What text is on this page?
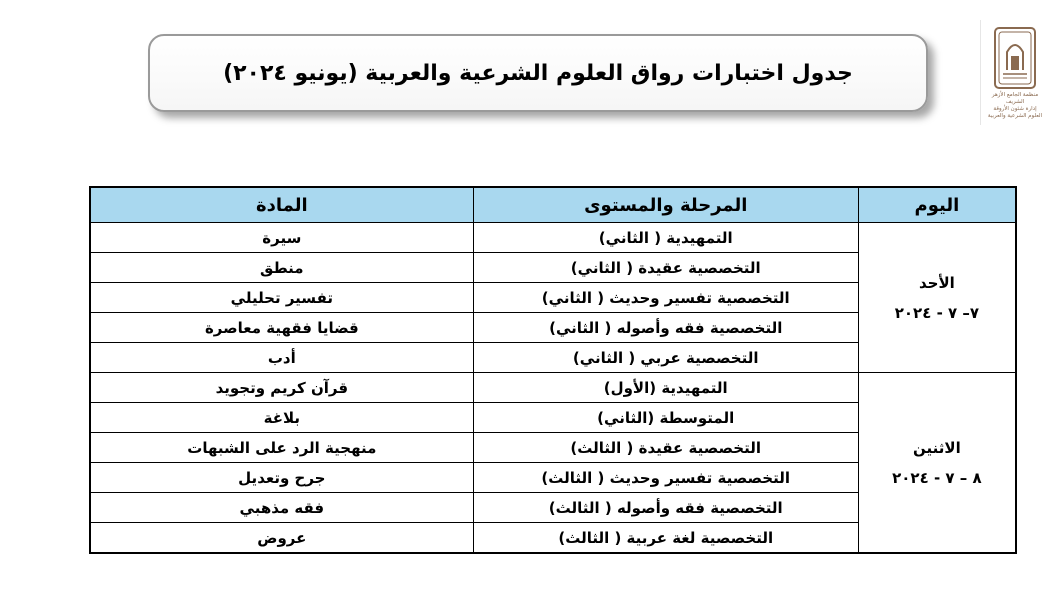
منظمة الجامع الأزهر الشريف
إدارة شئون الأروقة
العلوم الشرعية والعربية
جدول اختبارات رواق العلوم الشرعية والعربية (يونيو ٢٠٢٤)
اليوم	المرحلة والمستوى	المادة
الأحد
٧– ٧ - ٢٠٢٤	التمهيدية ( الثاني)	سيرة
	التخصصية عقيدة ( الثاني)	منطق
	التخصصية تفسير وحديث ( الثاني)	تفسير تحليلي
	التخصصية فقه وأصوله ( الثاني)	قضايا فقهية معاصرة
	التخصصية عربي ( الثاني)	أدب
الاثنين
٨ – ٧ - ٢٠٢٤	التمهيدية (الأول)	قرآن كريم وتجويد
	المتوسطة (الثاني)	بلاغة
	التخصصية عقيدة ( الثالث)	منهجية الرد على الشبهات
	التخصصية تفسير وحديث ( الثالث)	جرح وتعديل
	التخصصية فقه وأصوله ( الثالث)	فقه مذهبي
	التخصصية لغة عربية ( الثالث)	عروض
